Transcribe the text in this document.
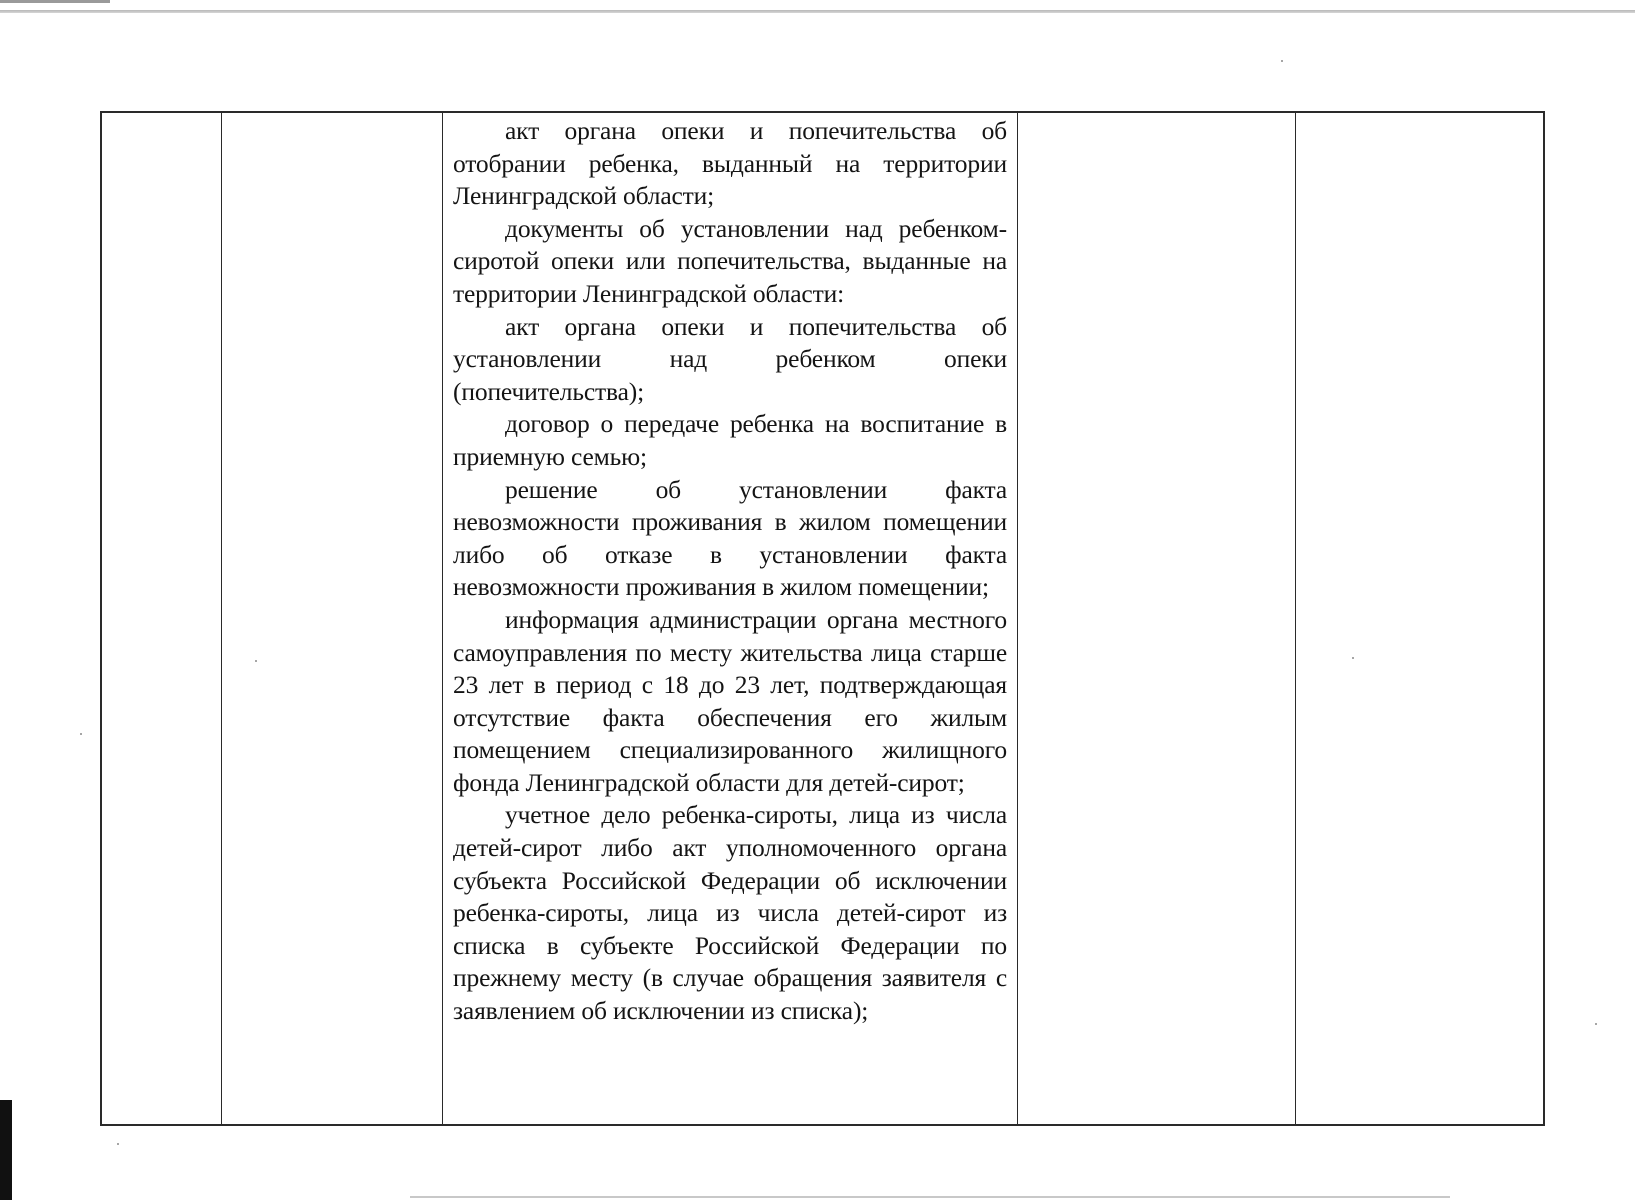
акт органа опеки и попечительства об отобрании ребенка, выданный на территории Ленинградской области;

документы об установлении над ребенком-сиротой опеки или попечительства, выданные на территории Ленинградской области:

акт органа опеки и попечительства об установлении над ребенком опеки (попечительства);

договор о передаче ребенка на воспитание в приемную семью;

решение об установлении факта невозможности проживания в жилом помещении либо об отказе в установлении факта невозможности проживания в жилом помещении;

информация администрации органа местного самоуправления по месту жительства лица старше 23 лет в период с 18 до 23 лет, подтверждающая отсутствие факта обеспечения его жилым помещением специализированного жилищного фонда Ленинградской области для детей-сирот;

учетное дело ребенка-сироты, лица из числа детей-сирот либо акт уполномоченного органа субъекта Российской Федерации об исключении ребенка-сироты, лица из числа детей-сирот из списка в субъекте Российской Федерации по прежнему месту (в случае обращения заявителя с заявлением об исключении из списка);
